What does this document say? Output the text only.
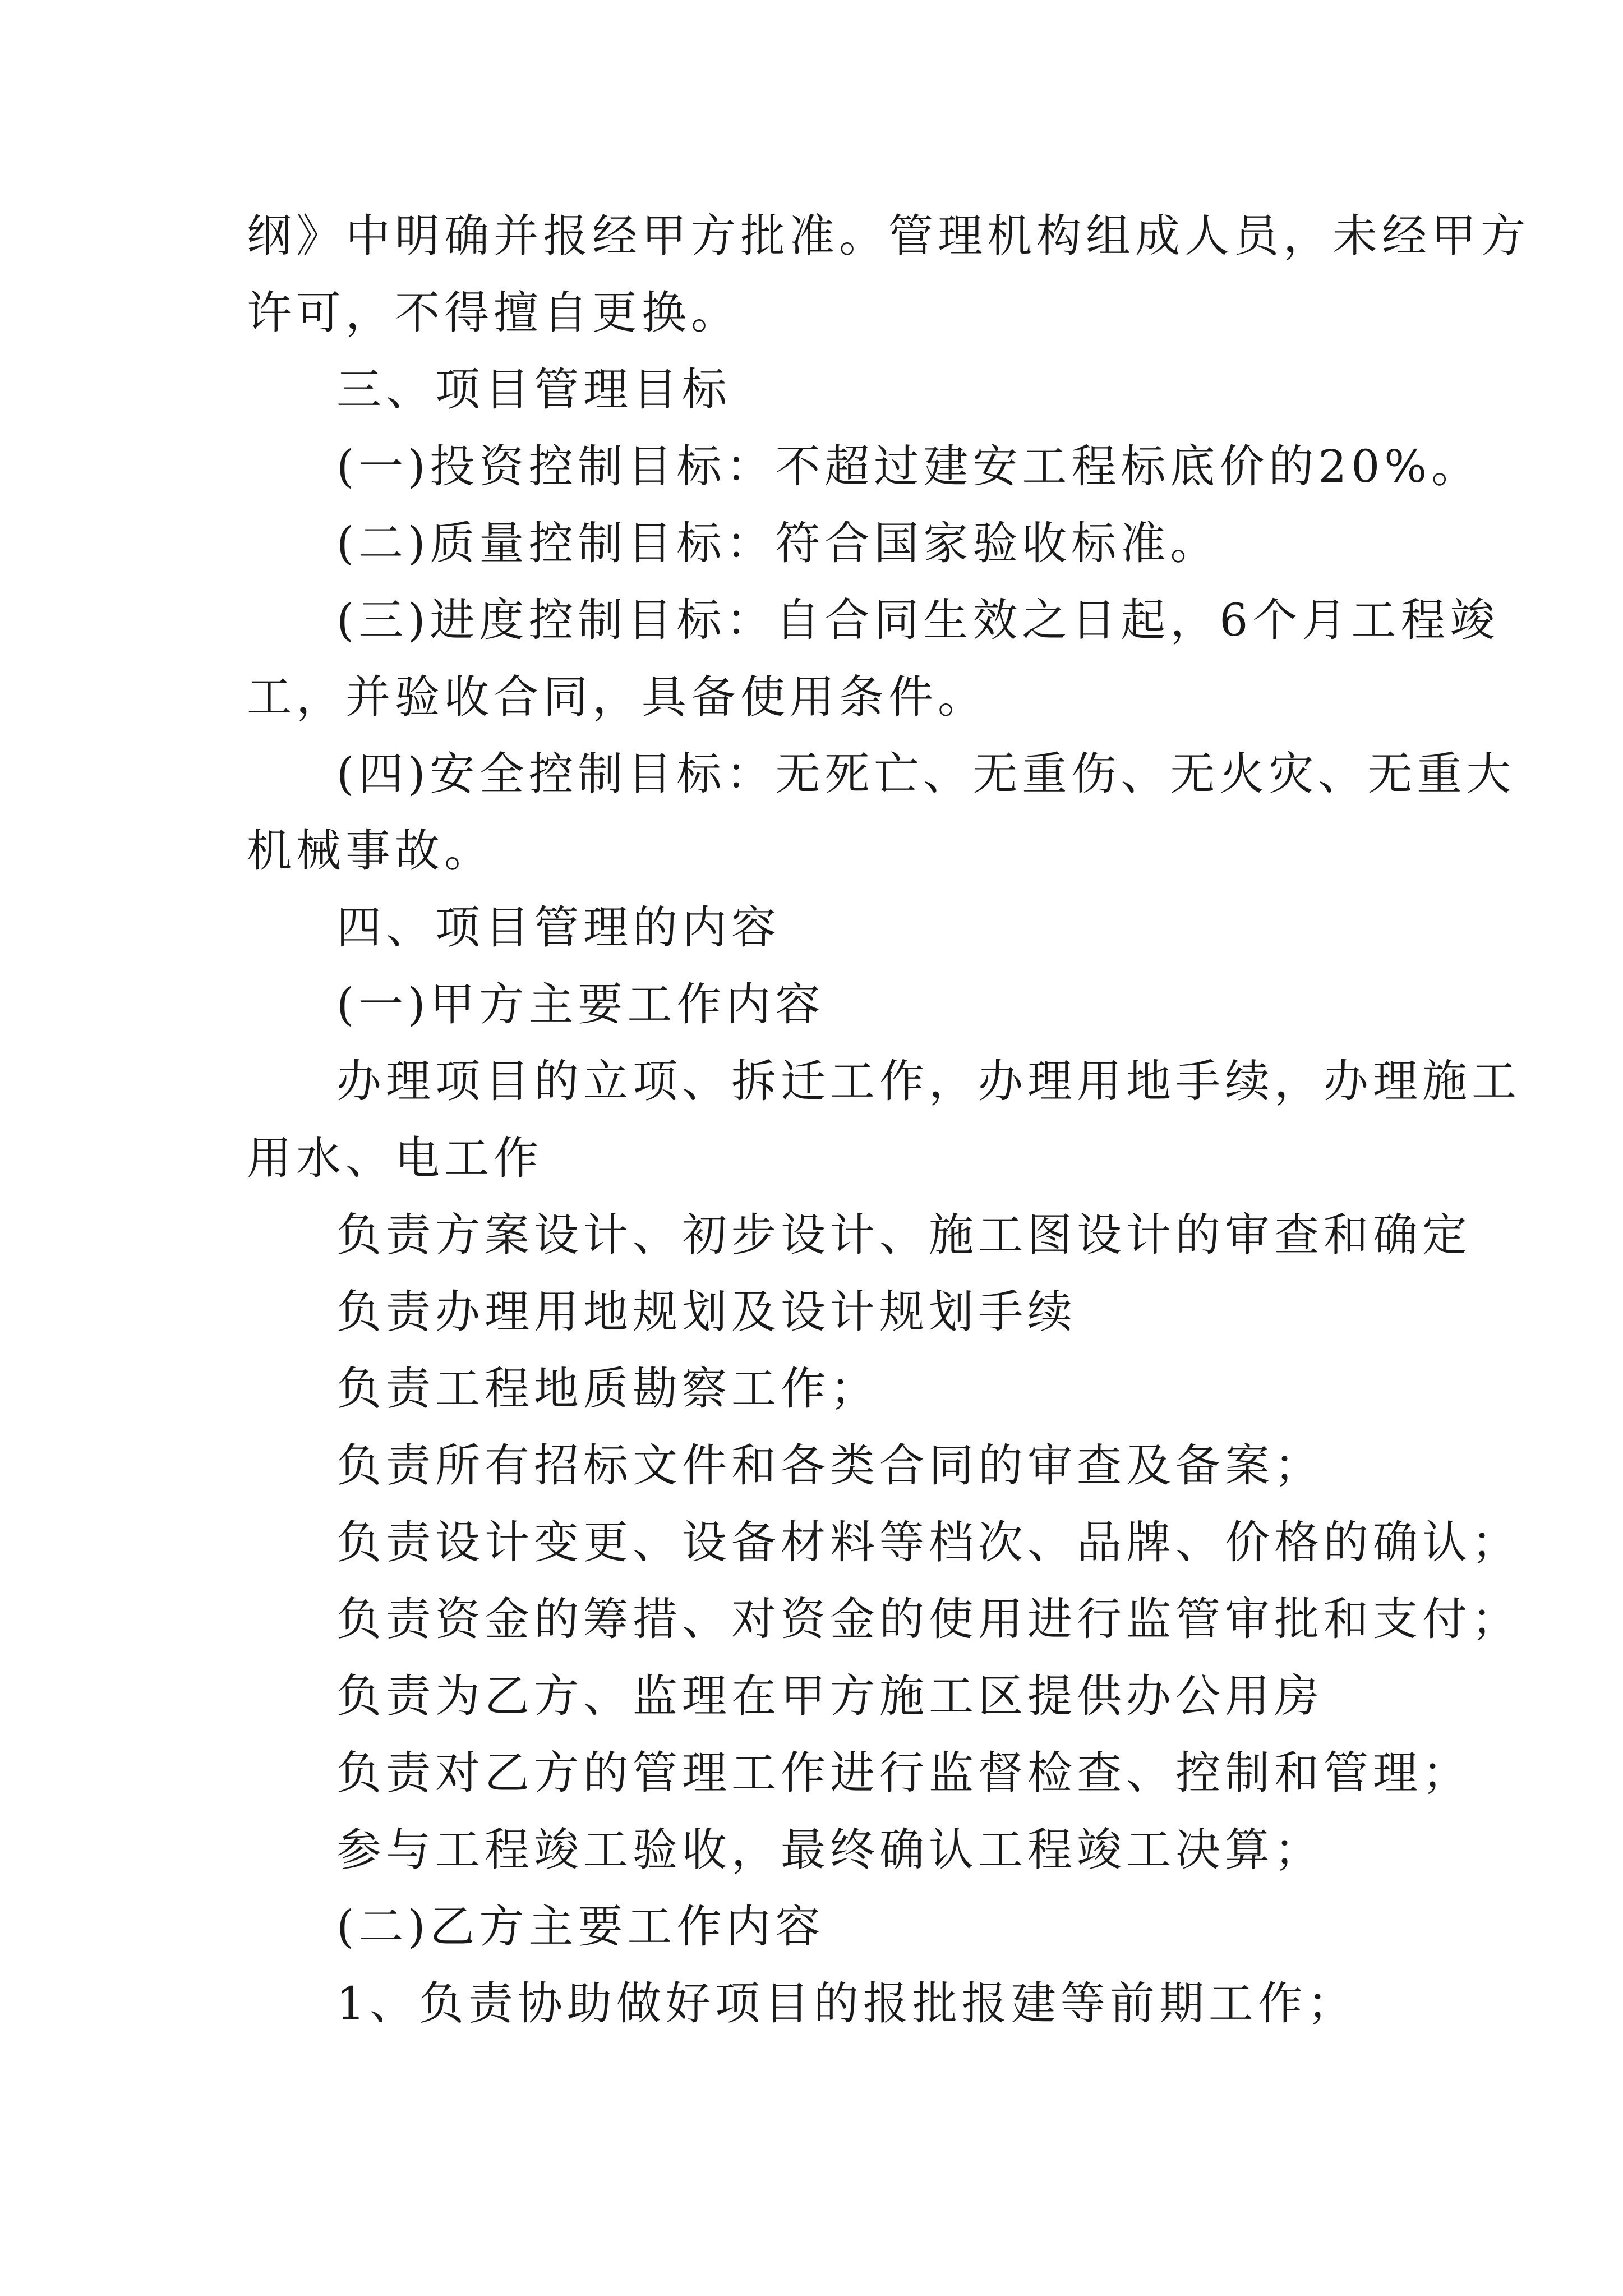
纲》中明确并报经甲方批准。管理机构组成人员，未经甲方
许可，不得擅自更换。
三、项目管理目标
(一)投资控制目标：不超过建安工程标底价的20%。
(二)质量控制目标：符合国家验收标准。
(三)进度控制目标：自合同生效之日起，6个月工程竣
工，并验收合同，具备使用条件。
(四)安全控制目标：无死亡、无重伤、无火灾、无重大
机械事故。
四、项目管理的内容
(一)甲方主要工作内容
办理项目的立项、拆迁工作，办理用地手续，办理施工
用水、电工作
负责方案设计、初步设计、施工图设计的审查和确定
负责办理用地规划及设计规划手续
负责工程地质勘察工作；
负责所有招标文件和各类合同的审查及备案；
负责设计变更、设备材料等档次、品牌、价格的确认；
负责资金的筹措、对资金的使用进行监管审批和支付；
负责为乙方、监理在甲方施工区提供办公用房
负责对乙方的管理工作进行监督检查、控制和管理；
参与工程竣工验收，最终确认工程竣工决算；
(二)乙方主要工作内容
1、负责协助做好项目的报批报建等前期工作；
